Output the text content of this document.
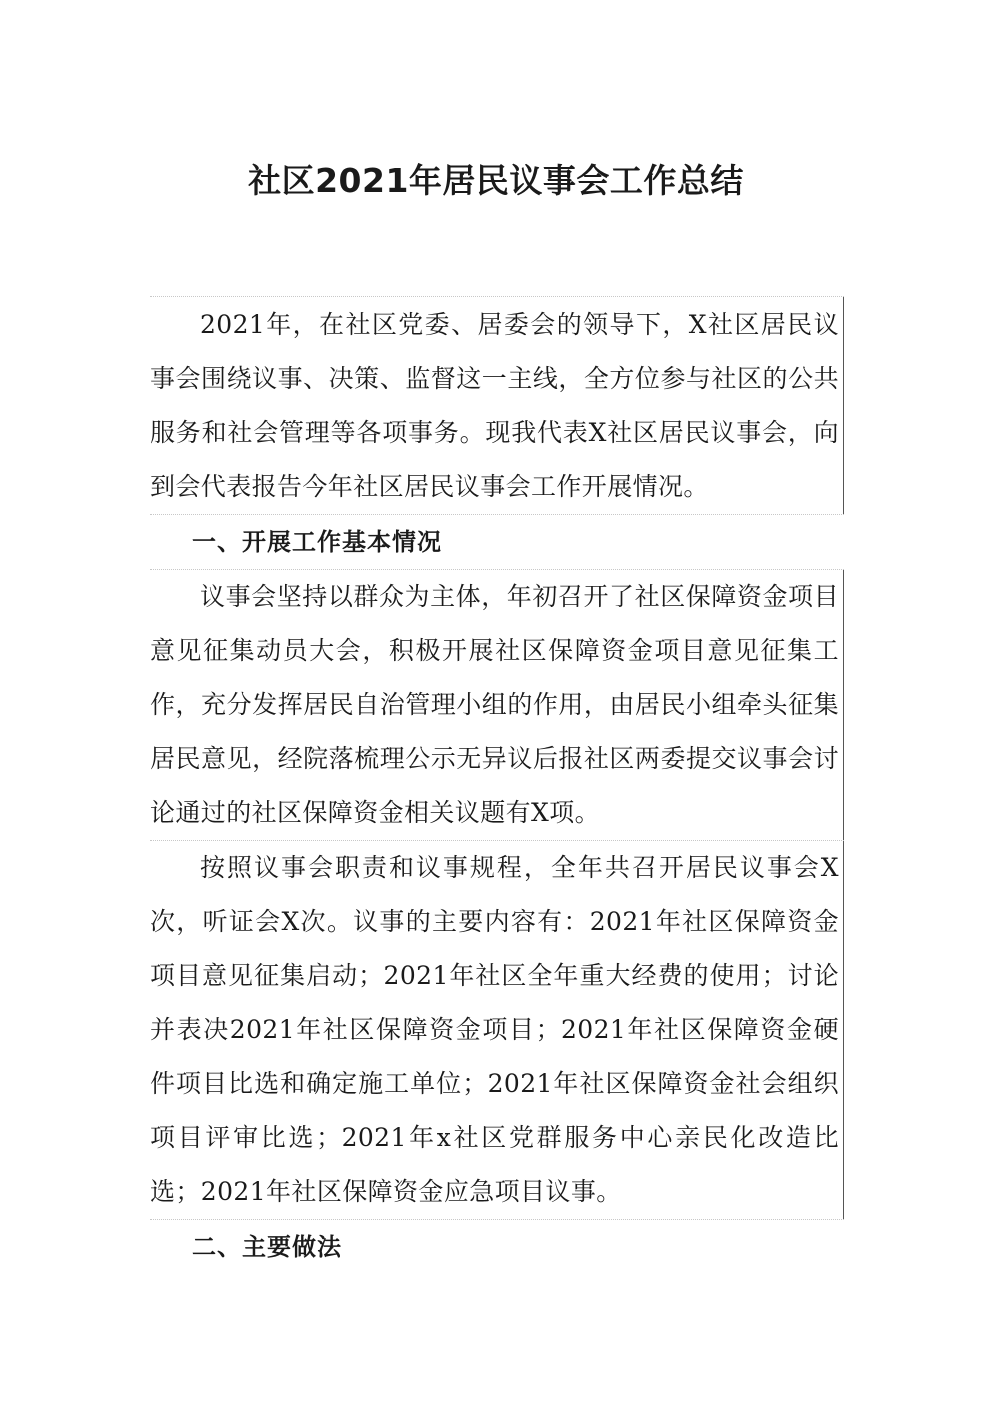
社区2021年居民议事会工作总结

2021年，在社区党委、居委会的领导下，X社区居民议事会围绕议事、决策、监督这一主线，全方位参与社区的公共服务和社会管理等各项事务。现我代表X社区居民议事会，向到会代表报告今年社区居民议事会工作开展情况。

一、开展工作基本情况

议事会坚持以群众为主体，年初召开了社区保障资金项目意见征集动员大会，积极开展社区保障资金项目意见征集工作，充分发挥居民自治管理小组的作用，由居民小组牵头征集居民意见，经院落梳理公示无异议后报社区两委提交议事会讨论通过的社区保障资金相关议题有X项。

按照议事会职责和议事规程，全年共召开居民议事会X次，听证会X次。议事的主要内容有：2021年社区保障资金项目意见征集启动；2021年社区全年重大经费的使用；讨论并表决2021年社区保障资金项目；2021年社区保障资金硬件项目比选和确定施工单位；2021年社区保障资金社会组织项目评审比选；2021年x社区党群服务中心亲民化改造比选；2021年社区保障资金应急项目议事。

二、主要做法
